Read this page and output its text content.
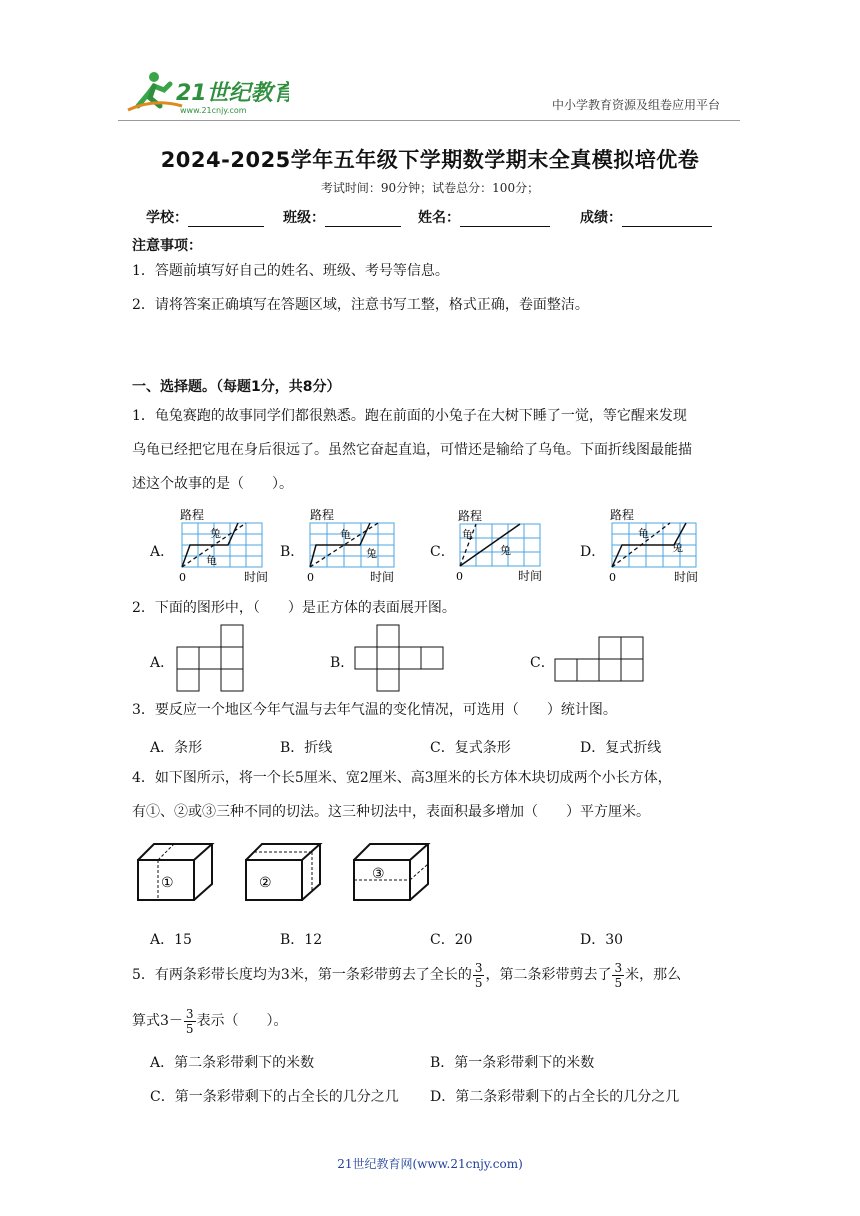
21世纪教育
www.21cnjy.com	中小学教育资源及组卷应用平台
2024-2025学年五年级下学期数学期末全真模拟培优卷
考试时间：90分钟；试卷总分：100分；
学校：	班级：	姓名：	成绩：
注意事项：
1．答题前填写好自己的姓名、班级、考号等信息。
2．请将答案正确填写在答题区域，注意书写工整，格式正确，卷面整洁。
一、选择题。（每题1分，共8分）
1．龟兔赛跑的故事同学们都很熟悉。跑在前面的小兔子在大树下睡了一觉，等它醒来发现
乌龟已经把它甩在身后很远了。虽然它奋起直追，可惜还是输给了乌龟。下面折线图最能描
述这个故事的是（　　）。
A．	B．	C．	D．
路程
兔
龟
0	时间
路程
龟
兔
0	时间
路程
龟
兔
0	时间
路程
龟
兔
0	时间
2．下面的图形中，（　　）是正方体的表面展开图。
A．	B．	C．
3．要反应一个地区今年气温与去年气温的变化情况，可选用（　　）统计图。
A．条形	B．折线	C．复式条形	D．复式折线
4．如下图所示，将一个长5厘米、宽2厘米、高3厘米的长方体木块切成两个小长方体，
有①、②或③三种不同的切法。这三种切法中，表面积最多增加（　　）平方厘米。
①	②
③
A．15	B．12	C．20	D．30
5．有两条彩带长度均为3米，第一条彩带剪去了全长的 $\frac{3}{5}$ ，第二条彩带剪去了 $\frac{3}{5}$ 米，那么
算式$3- \frac{3}{5}$ 表示（　　）。
A．第二条彩带剩下的米数	B．第一条彩带剩下的米数
C．第一条彩带剩下的占全长的几分之几 D．第二条彩带剩下的占全长的几分之几
21世纪教育网(www.21cnjy.com)
